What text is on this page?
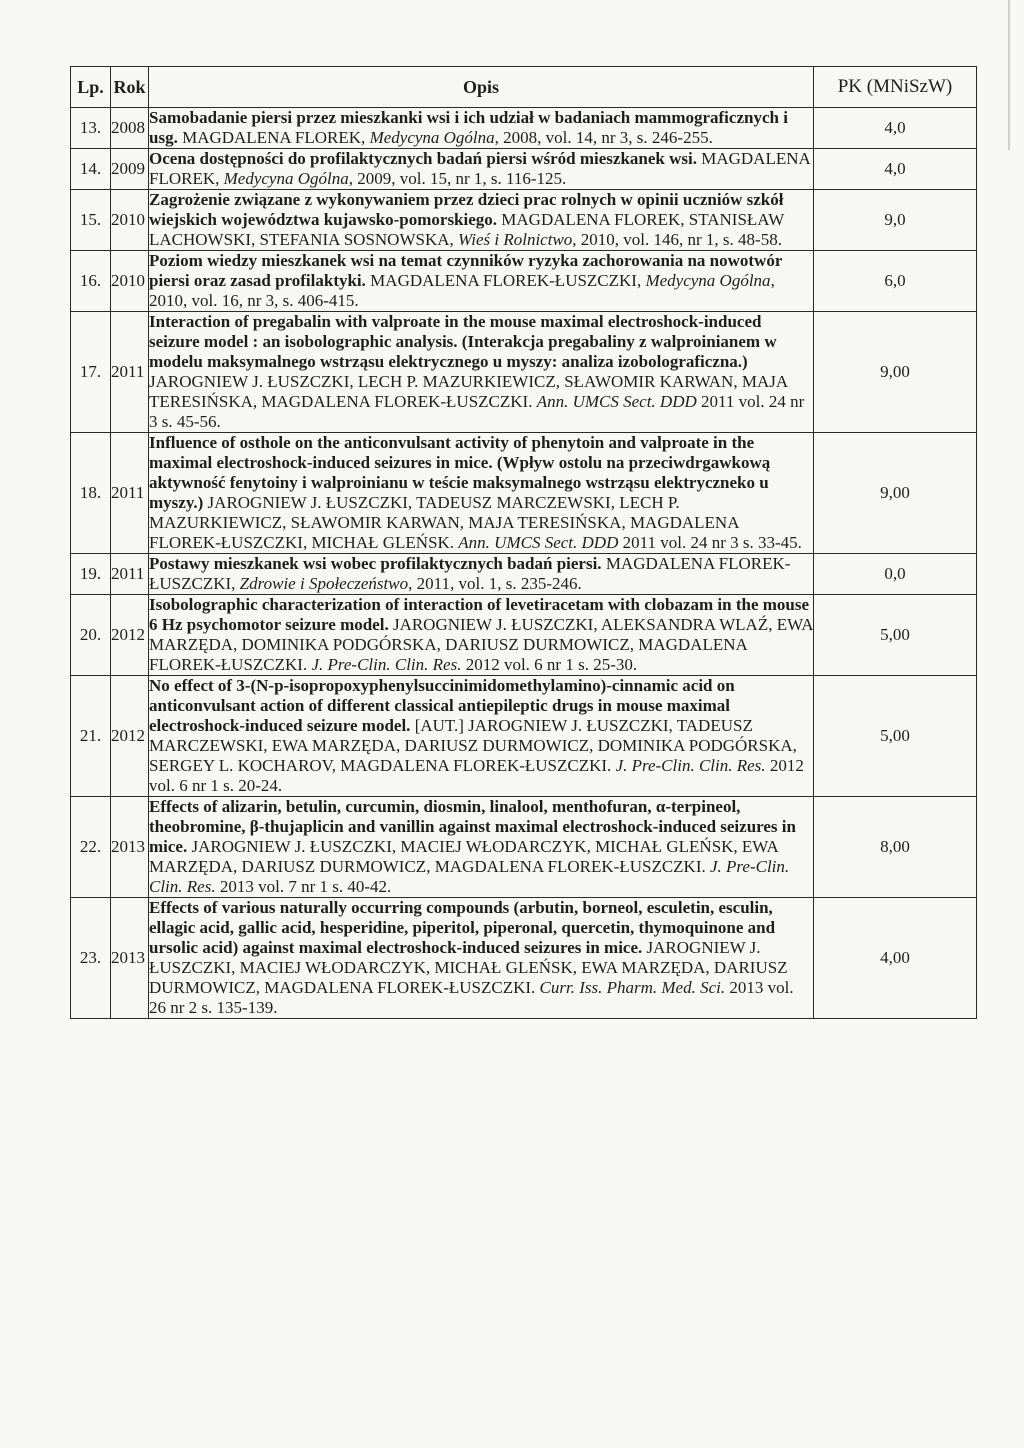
Lp.	Rok	Opis	PK (MNiSzW)
13.	2008	Samobadanie piersi przez mieszkanki wsi i ich udział w badaniach mammograficznych i usg. MAGDALENA FLOREK, Medycyna Ogólna, 2008, vol. 14, nr 3, s. 246-255.	4,0
14.	2009	Ocena dostępności do profilaktycznych badań piersi wśród mieszkanek wsi. MAGDALENA FLOREK, Medycyna Ogólna, 2009, vol. 15, nr 1, s. 116-125.	4,0
15.	2010	Zagrożenie związane z wykonywaniem przez dzieci prac rolnych w opinii uczniów szkół wiejskich województwa kujawsko-pomorskiego. MAGDALENA FLOREK, STANISŁAW LACHOWSKI, STEFANIA SOSNOWSKA, Wieś i Rolnictwo, 2010, vol. 146, nr 1, s. 48-58.	9,0
16.	2010	Poziom wiedzy mieszkanek wsi na temat czynników ryzyka zachorowania na nowotwór piersi oraz zasad profilaktyki. MAGDALENA FLOREK-ŁUSZCZKI, Medycyna Ogólna, 2010, vol. 16, nr 3, s. 406-415.	6,0
17.	2011	Interaction of pregabalin with valproate in the mouse maximal electroshock-induced seizure model : an isobolographic analysis. (Interakcja pregabaliny z walproinianem w modelu maksymalnego wstrząsu elektrycznego u myszy: analiza izobolograficzna.) JAROGNIEW J. ŁUSZCZKI, LECH P. MAZURKIEWICZ, SŁAWOMIR KARWAN, MAJA TERESIŃSKA, MAGDALENA FLOREK-ŁUSZCZKI. Ann. UMCS Sect. DDD 2011 vol. 24 nr 3 s. 45-56.	9,00
18.	2011	Influence of osthole on the anticonvulsant activity of phenytoin and valproate in the maximal electroshock-induced seizures in mice. (Wpływ ostolu na przeciwdrgawkową aktywność fenytoiny i walproinianu w teście maksymalnego wstrząsu elektryczneko u myszy.) JAROGNIEW J. ŁUSZCZKI, TADEUSZ MARCZEWSKI, LECH P. MAZURKIEWICZ, SŁAWOMIR KARWAN, MAJA TERESIŃSKA, MAGDALENA FLOREK-ŁUSZCZKI, MICHAŁ GLEŃSK. Ann. UMCS Sect. DDD 2011 vol. 24 nr 3 s. 33-45.	9,00
19.	2011	Postawy mieszkanek wsi wobec profilaktycznych badań piersi. MAGDALENA FLOREK-ŁUSZCZKI, Zdrowie i Społeczeństwo, 2011, vol. 1, s. 235-246.	0,0
20.	2012	Isobolographic characterization of interaction of levetiracetam with clobazam in the mouse 6 Hz psychomotor seizure model. JAROGNIEW J. ŁUSZCZKI, ALEKSANDRA WLAŹ, EWA MARZĘDA, DOMINIKA PODGÓRSKA, DARIUSZ DURMOWICZ, MAGDALENA FLOREK-ŁUSZCZKI. J. Pre-Clin. Clin. Res. 2012 vol. 6 nr 1 s. 25-30.	5,00
21.	2012	No effect of 3-(N-p-isopropoxyphenylsuccinimidomethylamino)-cinnamic acid on anticonvulsant action of different classical antiepileptic drugs in mouse maximal electroshock-induced seizure model. [AUT.] JAROGNIEW J. ŁUSZCZKI, TADEUSZ MARCZEWSKI, EWA MARZĘDA, DARIUSZ DURMOWICZ, DOMINIKA PODGÓRSKA, SERGEY L. KOCHAROV, MAGDALENA FLOREK-ŁUSZCZKI. J. Pre-Clin. Clin. Res. 2012 vol. 6 nr 1 s. 20-24.	5,00
22.	2013	Effects of alizarin, betulin, curcumin, diosmin, linalool, menthofuran, α-terpineol, theobromine, β-thujaplicin and vanillin against maximal electroshock-induced seizures in mice. JAROGNIEW J. ŁUSZCZKI, MACIEJ WŁODARCZYK, MICHAŁ GLEŃSK, EWA MARZĘDA, DARIUSZ DURMOWICZ, MAGDALENA FLOREK-ŁUSZCZKI. J. Pre-Clin. Clin. Res. 2013 vol. 7 nr 1 s. 40-42.	8,00
23.	2013	Effects of various naturally occurring compounds (arbutin, borneol, esculetin, esculin, ellagic acid, gallic acid, hesperidine, piperitol, piperonal, quercetin, thymoquinone and ursolic acid) against maximal electroshock-induced seizures in mice. JAROGNIEW J. ŁUSZCZKI, MACIEJ WŁODARCZYK, MICHAŁ GLEŃSK, EWA MARZĘDA, DARIUSZ DURMOWICZ, MAGDALENA FLOREK-ŁUSZCZKI. Curr. Iss. Pharm. Med. Sci. 2013 vol. 26 nr 2 s. 135-139.	4,00
